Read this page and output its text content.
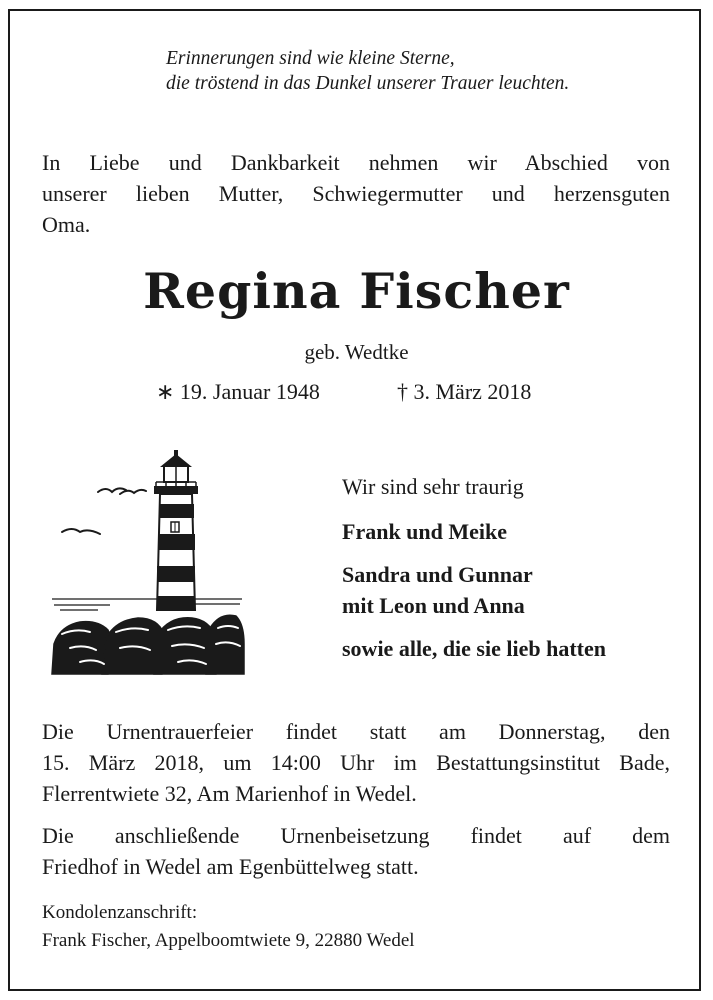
Erinnerungen sind wie kleine Sterne,
die tröstend in das Dunkel unserer Trauer leuchten.
In Liebe und Dankbarkeit nehmen wir Abschied von
unserer lieben Mutter, Schwiegermutter und herzensguten
Oma.
Regina Fischer
geb. Wedtke
∗ 19. Januar 1948	† 3. März 2018
Wir sind sehr traurig
Frank und Meike
Sandra und Gunnar
mit Leon und Anna
sowie alle, die sie lieb hatten
Die Urnentrauerfeier findet statt am Donnerstag, den
15. März 2018, um 14:00 Uhr im Bestattungsinstitut Bade,
Flerrentwiete 32, Am Marienhof in Wedel.
Die anschließende Urnenbeisetzung findet auf dem
Friedhof in Wedel am Egenbüttelweg statt.
Kondolenzanschrift:
Frank Fischer, Appelboomtwiete 9, 22880 Wedel
